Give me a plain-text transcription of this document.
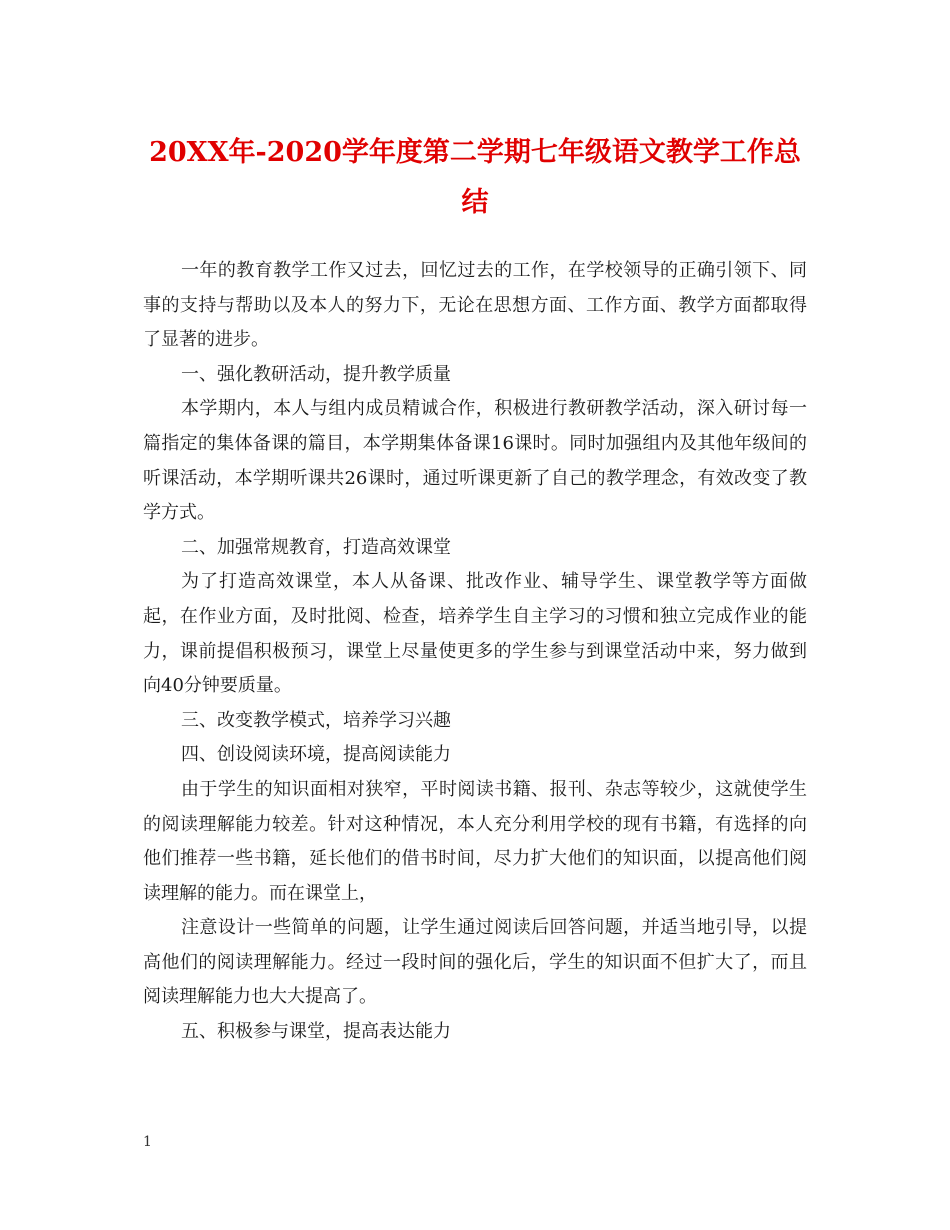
20XX年-2020学年度第二学期七年级语文教学工作总结

一年的教育教学工作又过去，回忆过去的工作，在学校领导的正确引领下、同事的支持与帮助以及本人的努力下，无论在思想方面、工作方面、教学方面都取得了显著的进步。

一、强化教研活动，提升教学质量

本学期内，本人与组内成员精诚合作，积极进行教研教学活动，深入研讨每一篇指定的集体备课的篇目，本学期集体备课16课时。同时加强组内及其他年级间的听课活动，本学期听课共26课时，通过听课更新了自己的教学理念，有效改变了教学方式。

二、加强常规教育，打造高效课堂

为了打造高效课堂，本人从备课、批改作业、辅导学生、课堂教学等方面做起，在作业方面，及时批阅、检查，培养学生自主学习的习惯和独立完成作业的能力，课前提倡积极预习，课堂上尽量使更多的学生参与到课堂活动中来，努力做到向40分钟要质量。

三、改变教学模式，培养学习兴趣

四、创设阅读环境，提高阅读能力

由于学生的知识面相对狭窄，平时阅读书籍、报刊、杂志等较少，这就使学生的阅读理解能力较差。针对这种情况，本人充分利用学校的现有书籍，有选择的向他们推荐一些书籍，延长他们的借书时间，尽力扩大他们的知识面，以提高他们阅读理解的能力。而在课堂上，

注意设计一些简单的问题，让学生通过阅读后回答问题，并适当地引导，以提高他们的阅读理解能力。经过一段时间的强化后，学生的知识面不但扩大了，而且阅读理解能力也大大提高了。

五、积极参与课堂，提高表达能力

1
